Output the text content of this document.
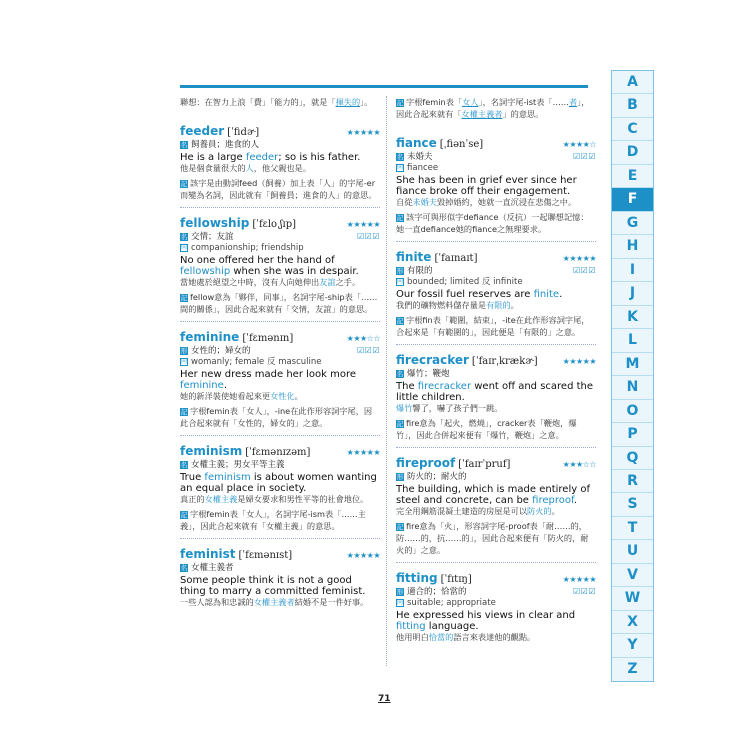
聯想：在智力上浪「費」「能力的」，就是「揮失的」。
feeder [ˈfidɚ]	★★★★★
名 飼養員；進食的人
He is a large feeder; so is his father.
他是個食量很大的人，他父親也是。
記 該字是由動詞feed（飼養）加上表「人」的字尾-er而變為名詞，因此就有「飼養員；進食的人」的意思。
fellowship [ˈfɛloˌʃɪp]	★★★★★
名 交情；友誼	☑☑☑
同 companionship; friendship
No one offered her the hand of fellowship when she was in despair.
當她處於絕望之中時，沒有人向她伸出友誼之手。
記 fellow意為「夥伴，同事」，名詞字尾-ship表「……間的關係」，因此合起來就有「交情，友誼」的意思。
feminine [ˈfɛmənɪn]	★★★☆☆
形 女性的；婦女的	☑☑☑
同 womanly; female 反 masculine
Her new dress made her look more feminine.
她的新洋裝使她看起來更女性化。
記 字根femin表「女人」，-ine在此作形容詞字尾，因此合起來就有「女性的，婦女的」之意。
feminism [ˈfɛmənɪzəm]	★★★★★
名 女權主義；男女平等主義
True feminism is about women wanting an equal place in society.
真正的女權主義是婦女要求和男性平等的社會地位。
記 字根femin表「女人」，名詞字尾-ism表「……主義」，因此合起來就有「女權主義」的意思。
feminist [ˈfɛmənɪst]	★★★★★
名 女權主義者
Some people think it is not a good thing to marry a committed feminist.
一些人認為和忠誠的女權主義者結婚不是一件好事。
記 字根femin表「女人」，名詞字尾-ist表「……者」，因此合起來就有「女權主義者」的意思。
fiance [ˌfiənˈse]	★★★★☆
名 未婚夫	☑☑☑
同 fiancee
She has been in grief ever since her fiance broke off their engagement.
自從未婚夫毀掉婚約，她就一直沉浸在悲傷之中。
記 該字可與形似字defiance（反抗）一起聯想記憶：她一直defiance她的fiance之無理要求。
finite [ˈfaɪnaɪt]	★★★★★
形 有限的	☑☑☑
同 bounded; limited 反 infinite
Our fossil fuel reserves are finite.
我們的礦物燃料儲存量是有限的。
記 字根fin表「範圍，結束」，-ite在此作形容詞字尾，合起來是「有範圍的」，因此便是「有限的」之意。
firecracker [ˈfaɪrˌkrækɚ]	★★★★★
名 爆竹；鞭炮
The firecracker went off and scared the little children.
爆竹響了，嚇了孩子們一跳。
記 fire意為「起火，燃燒」，cracker表「鞭炮，爆竹」，因此合併起來便有「爆竹，鞭炮」之意。
fireproof [ˈfaɪrˈpruf]	★★★☆☆
形 防火的；耐火的
The building, which is made entirely of steel and concrete, can be fireproof.
完全用鋼筋混凝土建造的房屋是可以防火的。
記 fire意為「火」，形容詞字尾-proof表「耐……的，防……的，抗……的」，因此合起來便有「防火的，耐火的」之意。
fitting [ˈfɪtɪŋ]	★★★★★
形 適合的；恰當的	☑☑☑
同 suitable; appropriate
He expressed his views in clear and fitting language.
他用明白恰當的語言來表達他的觀點。
71
A
B
C
D
E
F
G
H
I
J
K
L
M
N
O
P
Q
R
S
T
U
V
W
X
Y
Z
